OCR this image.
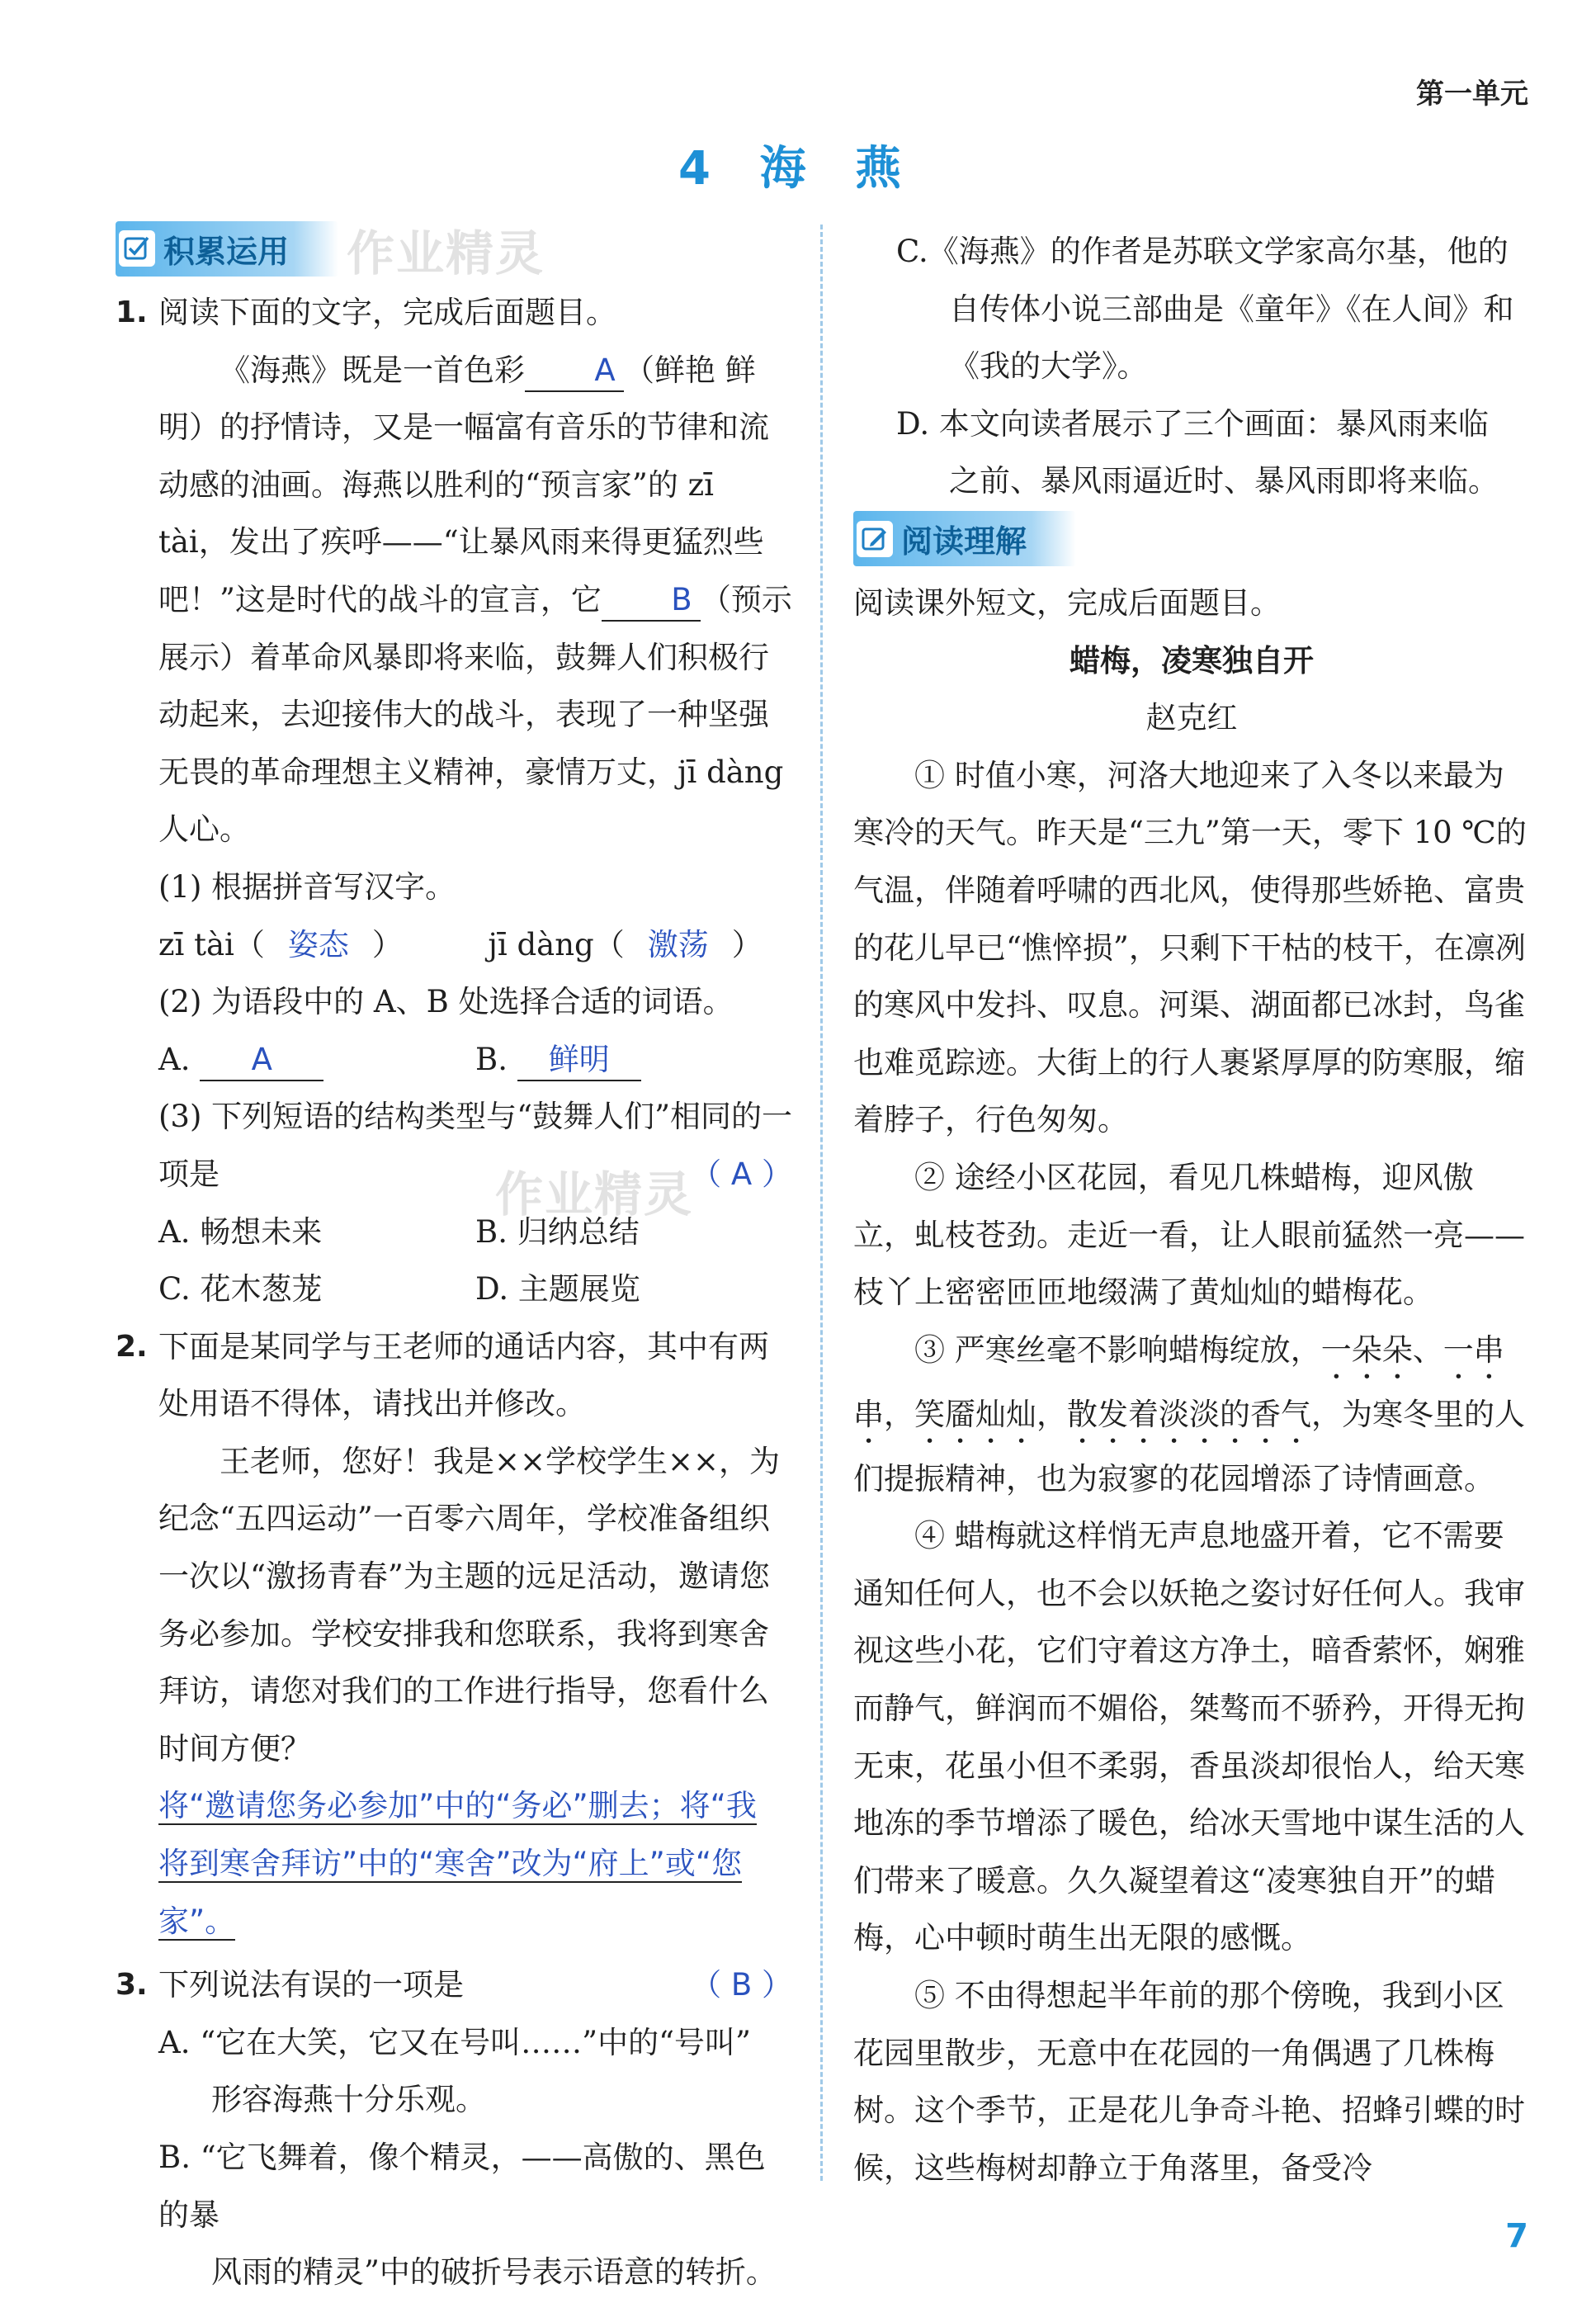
第一单元
4 海 燕
作业精灵
作业精灵
积累运用
1. 阅读下面的文字，完成后面题目。

《海燕》既是一首色彩 A （鲜艳 鲜明）的抒情诗，又是一幅富有音乐的节律和流动感的油画。海燕以胜利的“预言家”的 zī tài，发出了疾呼——“让暴风雨来得更猛烈些吧！”这是时代的战斗的宣言，它 B （预示 展示）着革命风暴即将来临，鼓舞人们积极行动起来，去迎接伟大的战斗，表现了一种坚强无畏的革命理想主义精神，豪情万丈，jī dàng 人心。

(1) 根据拼音写汉字。

zī tài（ 姿态 ）	jī dàng（ 激荡 ）

(2) 为语段中的 A、B 处选择合适的词语。

A. A	B. 鲜明

(3) 下列短语的结构类型与“鼓舞人们”相同的一项是	（ A ）

A. 畅想未来	B. 归纳总结

C. 花木葱茏	D. 主题展览

2. 下面是某同学与王老师的通话内容，其中有两处用语不得体，请找出并修改。

王老师，您好！我是××学校学生××，为纪念“五四运动”一百零六周年，学校准备组织一次以“激扬青春”为主题的远足活动，邀请您务必参加。学校安排我和您联系，我将到寒舍拜访，请您对我们的工作进行指导，您看什么时间方便？

将“邀请您务必参加”中的“务必”删去；将“我

将到寒舍拜访”中的“寒舍”改为“府上”或“您家”。

3. 下列说法有误的一项是	（ B ）

A. “它在大笑，它又在号叫……”中的“号叫”

形容海燕十分乐观。

B. “它飞舞着，像个精灵，——高傲的、黑色的暴

风雨的精灵”中的破折号表示语意的转折。

C.《海燕》的作者是苏联文学家高尔基，他的

自传体小说三部曲是《童年》《在人间》和

《我的大学》。

D. 本文向读者展示了三个画面：暴风雨来临

之前、暴风雨逼近时、暴风雨即将来临。

阅读理解

阅读课外短文，完成后面题目。

蜡梅，凌寒独自开

赵克红

① 时值小寒，河洛大地迎来了入冬以来最为寒冷的天气。昨天是“三九”第一天，零下 10 ℃的气温，伴随着呼啸的西北风，使得那些娇艳、富贵的花儿早已“憔悴损”，只剩下干枯的枝干，在凛冽的寒风中发抖、叹息。河渠、湖面都已冰封，鸟雀也难觅踪迹。大街上的行人裹紧厚厚的防寒服，缩着脖子，行色匆匆。

② 途经小区花园，看见几株蜡梅，迎风傲立，虬枝苍劲。走近一看，让人眼前猛然一亮——枝丫上密密匝匝地缀满了黄灿灿的蜡梅花。

③ 严寒丝毫不影响蜡梅绽放，一朵朵、一串串，笑靥灿灿，散发着淡淡的香气，为寒冬里的人们提振精神，也为寂寥的花园增添了诗情画意。

④ 蜡梅就这样悄无声息地盛开着，它不需要通知任何人，也不会以妖艳之姿讨好任何人。我审视这些小花，它们守着这方净土，暗香萦怀，娴雅而静气，鲜润而不媚俗，桀骜而不骄矜，开得无拘无束，花虽小但不柔弱，香虽淡却很怡人，给天寒地冻的季节增添了暖色，给冰天雪地中谋生活的人们带来了暖意。久久凝望着这“凌寒独自开”的蜡梅，心中顿时萌生出无限的感慨。

⑤ 不由得想起半年前的那个傍晚，我到小区花园里散步，无意中在花园的一角偶遇了几株梅树。这个季节，正是花儿争奇斗艳、招蜂引蝶的时候，这些梅树却静立于角落里，备受冷

7
